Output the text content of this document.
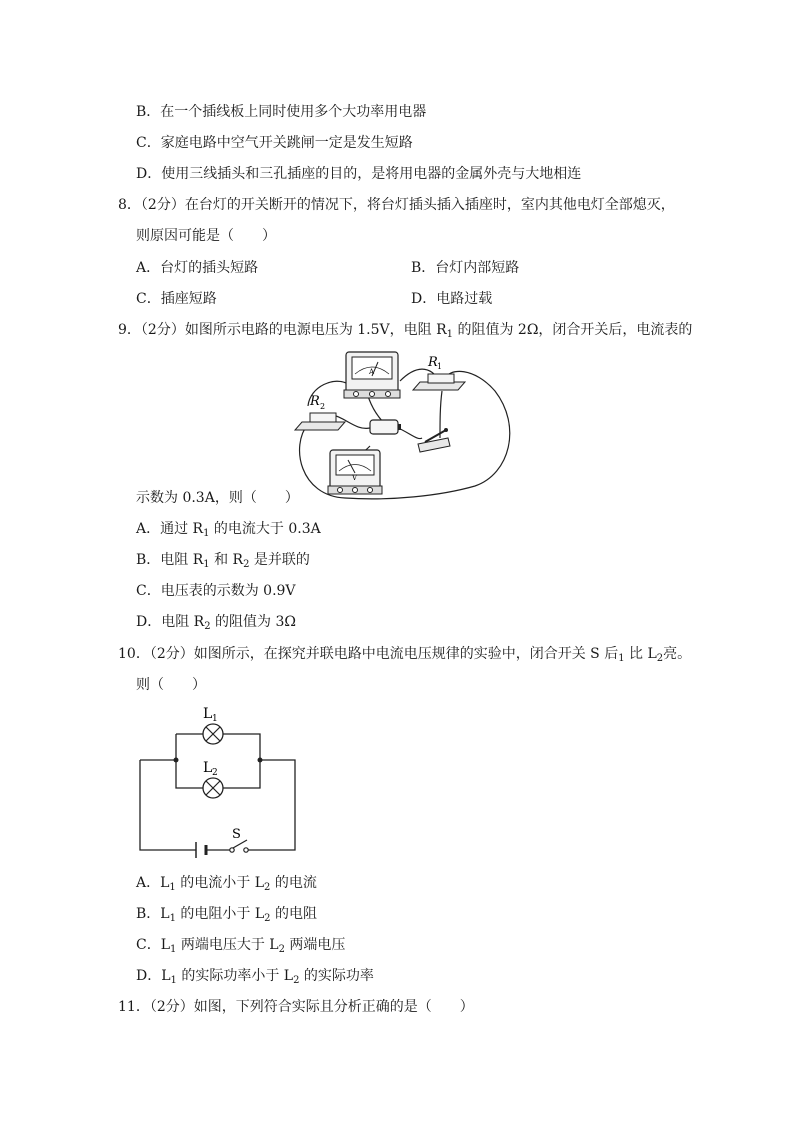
B．在一个插线板上同时使用多个大功率用电器
C．家庭电路中空气开关跳闸一定是发生短路
D．使用三线插头和三孔插座的目的，是将用电器的金属外壳与大地相连
8．（2分）在台灯的开关断开的情况下，将台灯插头插入插座时，室内其他电灯全部熄灭，
则原因可能是（　　）
A．台灯的插头短路	B．台灯内部短路
C．插座短路	D．电路过载
9．（2分）如图所示电路的电源电压为 1.5V，电阻 $R_1$ 的阻值为 2Ω，闭合开关后，电流表的
A
R 1
R 2
V
示数为 0.3A，则（　　）
A．通过 $R_1$ 的电流大于 0.3A
B．电阻 $R_1$ 和 $R_2$ 是并联的
C．电压表的示数为 0.9V
D．电阻 $R_2$ 的阻值为 3Ω
10．（2分）如图所示，在探究并联电路中电流电压规律的实验中，闭合开关 S 后$_1$ 比 $L_2$亮。
则（　　）
L 1
L 2
S
A．$L_1$ 的电流小于 $L_2$ 的电流
B．$L_1$ 的电阻小于 $L_2$ 的电阻
C．$L_1$ 两端电压大于 $L_2$ 两端电压
D．$L_1$ 的实际功率小于 $L_2$ 的实际功率
11．（2分）如图，下列符合实际且分析正确的是（　　）
